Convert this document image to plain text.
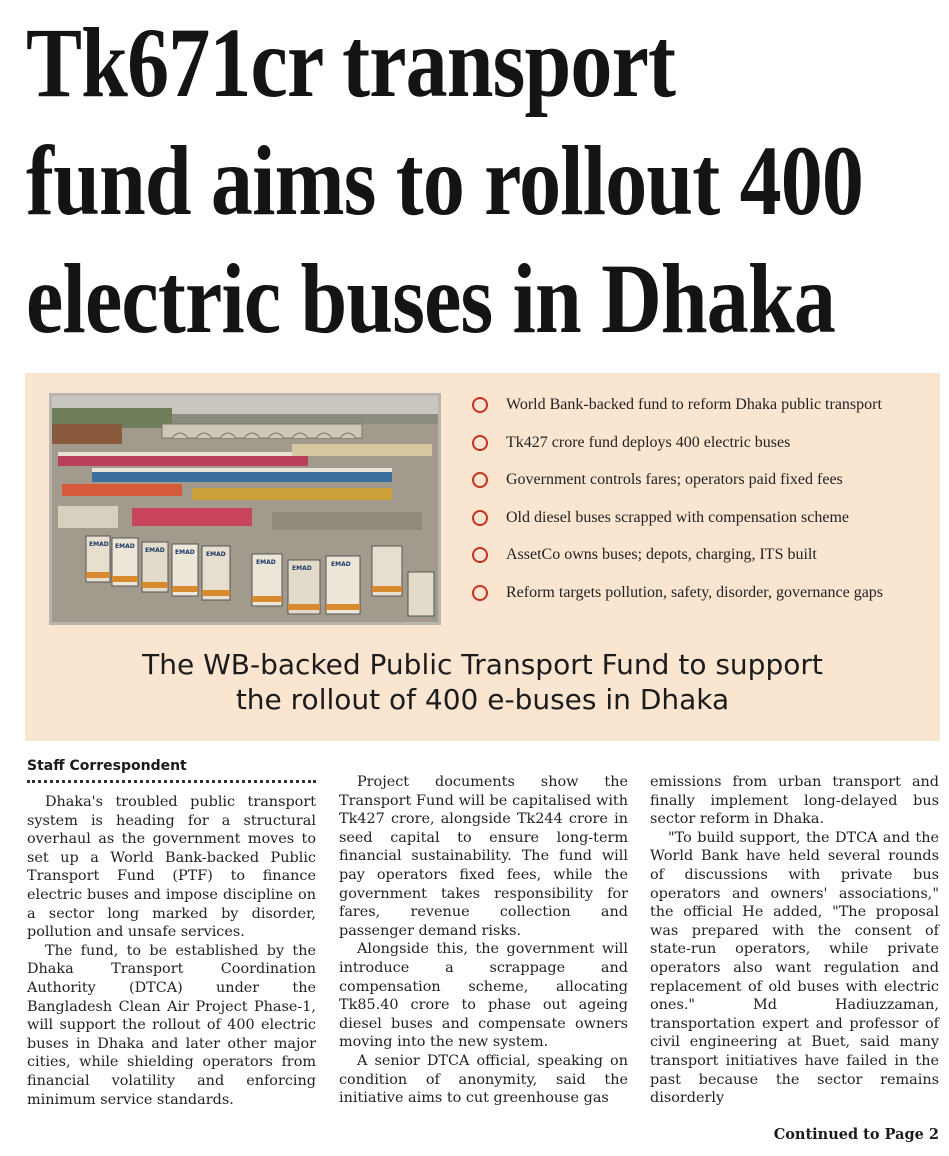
Tk671cr transport
fund aims to rollout 400
electric buses in Dhaka
EMAD EMAD
EMAD EMAD EMAD
EMAD
EMAD
EMAD
World Bank-backed fund to reform Dhaka public transport
Tk427 crore fund deploys 400 electric buses
Government controls fares; operators paid fixed fees
Old diesel buses scrapped with compensation scheme
AssetCo owns buses; depots, charging, ITS built
Reform targets pollution, safety, disorder, governance gaps
The WB-backed Public Transport Fund to support
the rollout of 400 e-buses in Dhaka
Staff Correspondent

Dhaka's troubled public transport system is heading for a structural overhaul as the government moves to set up a World Bank-backed Public Transport Fund (PTF) to finance electric buses and impose discipline on a sector long marked by disorder, pollution and unsafe services.

The fund, to be established by the Dhaka Transport Coordination Authority (DTCA) under the Bangladesh Clean Air Project Phase-1, will support the rollout of 400 electric buses in Dhaka and later other major cities, while shielding operators from financial volatility and enforcing minimum service standards.

Project documents show the Transport Fund will be capitalised with Tk427 crore, alongside Tk244 crore in seed capital to ensure long-term financial sustainability. The fund will pay operators fixed fees, while the government takes responsibility for fares, revenue collection and passenger demand risks.

Alongside this, the government will introduce a scrappage and compensation scheme, allocating Tk85.40 crore to phase out ageing diesel buses and compensate owners moving into the new system.

A senior DTCA official, speaking on condition of anonymity, said the initiative aims to cut greenhouse gas

emissions from urban transport and finally implement long-delayed bus sector reform in Dhaka.

"To build support, the DTCA and the World Bank have held several rounds of discussions with private bus operators and owners' associations," the official He added, "The proposal was prepared with the consent of state-run operators, while private operators also want regulation and replacement of old buses with electric ones." Md Hadiuzzaman, transportation expert and professor of civil engineering at Buet, said many transport initiatives have failed in the past because the sector remains disorderly

Continued to Page 2
